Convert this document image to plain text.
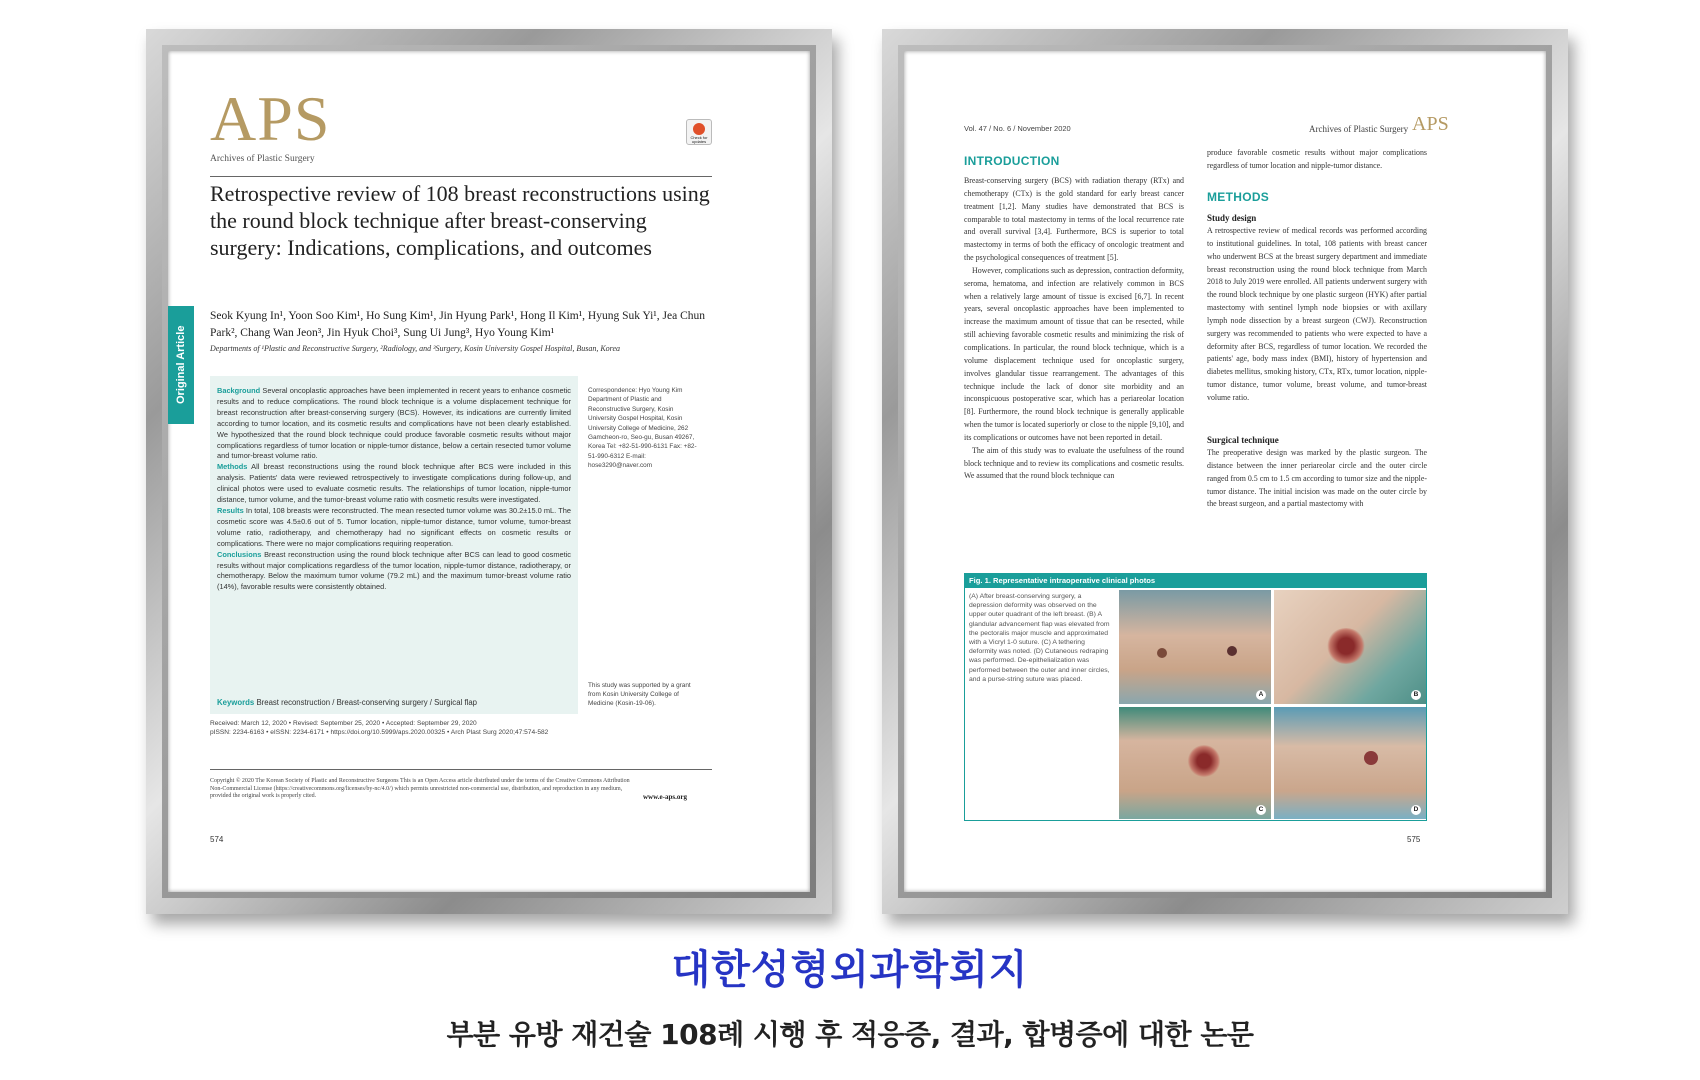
APS
Archives of Plastic Surgery
Check for updates
Retrospective review of 108 breast reconstructions using the round block technique after breast-conserving surgery: Indications, complications, and outcomes
Seok Kyung In¹, Yoon Soo Kim¹, Ho Sung Kim¹, Jin Hyung Park¹, Hong Il Kim¹, Hyung Suk Yi¹, Jea Chun Park², Chang Wan Jeon³, Jin Hyuk Choi³, Sung Ui Jung³, Hyo Young Kim¹
Departments of ¹Plastic and Reconstructive Surgery, ²Radiology, and ³Surgery, Kosin University Gospel Hospital, Busan, Korea
Original Article	Background Several oncoplastic approaches have been implemented in recent years to enhance cosmetic results and to reduce complications. The round block technique is a volume displacement technique for breast reconstruction after breast-conserving surgery (BCS). However, its indications are currently limited according to tumor location, and its cosmetic results and complications have not been clearly established. We hypothesized that the round block technique could produce favorable cosmetic results without major complications regardless of tumor location or nipple-tumor distance, below a certain resected tumor volume and tumor-breast volume ratio.

Methods All breast reconstructions using the round block technique after BCS were included in this analysis. Patients' data were reviewed retrospectively to investigate complications during follow-up, and clinical photos were used to evaluate cosmetic results. The relationships of tumor location, nipple-tumor distance, tumor volume, and the tumor-breast volume ratio with cosmetic results were investigated.

Results In total, 108 breasts were reconstructed. The mean resected tumor volume was 30.2±15.0 mL. The cosmetic score was 4.5±0.6 out of 5. Tumor location, nipple-tumor distance, tumor volume, tumor-breast volume ratio, radiotherapy, and chemotherapy had no significant effects on cosmetic results or complications. There were no major complications requiring reoperation.

Conclusions Breast reconstruction using the round block technique after BCS can lead to good cosmetic results without major complications regardless of the tumor location, nipple-tumor distance, radiotherapy, or chemotherapy. Below the maximum tumor volume (79.2 mL) and the maximum tumor-breast volume ratio (14%), favorable results were consistently obtained.

Keywords Breast reconstruction / Breast-conserving surgery / Surgical flap
Correspondence: Hyo Young Kim Department of Plastic and Reconstructive Surgery, Kosin University Gospel Hospital, Kosin University College of Medicine, 262 Gamcheon-ro, Seo-gu, Busan 49267, Korea Tel: +82-51-990-6131 Fax: +82-51-990-6312 E-mail: hose3290@naver.com
This study was supported by a grant from Kosin University College of Medicine (Kosin-19-06).
Received: March 12, 2020 • Revised: September 25, 2020 • Accepted: September 29, 2020
pISSN: 2234-6163 • eISSN: 2234-6171 • https://doi.org/10.5999/aps.2020.00325 • Arch Plast Surg 2020;47:574-582
Copyright © 2020 The Korean Society of Plastic and Reconstructive Surgeons This is an Open Access article distributed under the terms of the Creative Commons Attribution Non-Commercial License (https://creativecommons.org/licenses/by-nc/4.0/) which permits unrestricted non-commercial use, distribution, and reproduction in any medium, provided the original work is properly cited.	www.e-aps.org
574
Vol. 47 / No. 6 / November 2020	Archives of Plastic Surgery APS
INTRODUCTION
Breast-conserving surgery (BCS) with radiation therapy (RTx) and chemotherapy (CTx) is the gold standard for early breast cancer treatment [1,2]. Many studies have demonstrated that BCS is comparable to total mastectomy in terms of the local recurrence rate and overall survival [3,4]. Furthermore, BCS is superior to total mastectomy in terms of both the efficacy of oncologic treatment and the psychological consequences of treatment [5].
However, complications such as depression, contraction deformity, seroma, hematoma, and infection are relatively common in BCS when a relatively large amount of tissue is excised [6,7]. In recent years, several oncoplastic approaches have been implemented to increase the maximum amount of tissue that can be resected, while still achieving favorable cosmetic results and minimizing the risk of complications. In particular, the round block technique, which is a volume displacement technique used for oncoplastic surgery, involves glandular tissue rearrangement. The advantages of this technique include the lack of donor site morbidity and an inconspicuous postoperative scar, which has a periareolar location [8]. Furthermore, the round block technique is generally applicable when the tumor is located superiorly or close to the nipple [9,10], and its complications or outcomes have not been reported in detail.
The aim of this study was to evaluate the usefulness of the round block technique and to review its complications and cosmetic results. We assumed that the round block technique can
produce favorable cosmetic results without major complications regardless of tumor location and nipple-tumor distance.
METHODS
Study design
A retrospective review of medical records was performed according to institutional guidelines. In total, 108 patients with breast cancer who underwent BCS at the breast surgery department and immediate breast reconstruction using the round block technique from March 2018 to July 2019 were enrolled. All patients underwent surgery with the round block technique by one plastic surgeon (HYK) after partial mastectomy with sentinel lymph node biopsies or with axillary lymph node dissection by a breast surgeon (CWJ). Reconstruction surgery was recommended to patients who were expected to have a deformity after BCS, regardless of tumor location. We recorded the patients' age, body mass index (BMI), history of hypertension and diabetes mellitus, smoking history, CTx, RTx, tumor location, nipple-tumor distance, tumor volume, breast volume, and tumor-breast volume ratio.
Surgical technique
The preoperative design was marked by the plastic surgeon. The distance between the inner periareolar circle and the outer circle ranged from 0.5 cm to 1.5 cm according to tumor size and the nipple-tumor distance. The initial incision was made on the outer circle by the breast surgeon, and a partial mastectomy with
Fig. 1. Representative intraoperative clinical photos
(A) After breast-conserving surgery, a depression deformity was observed on the upper outer quadrant of the left breast. (B) A glandular advancement flap was elevated from the pectoralis major muscle and approximated with a Vicryl 1-0 suture. (C) A tethering deformity was noted. (D) Cutaneous redraping was performed. De-epithelialization was performed between the outer and inner circles, and a purse-string suture was placed.
A	B
C	D
575
대한성형외과학회지
부분 유방 재건술 108례 시행 후 적응증, 결과, 합병증에 대한 논문
